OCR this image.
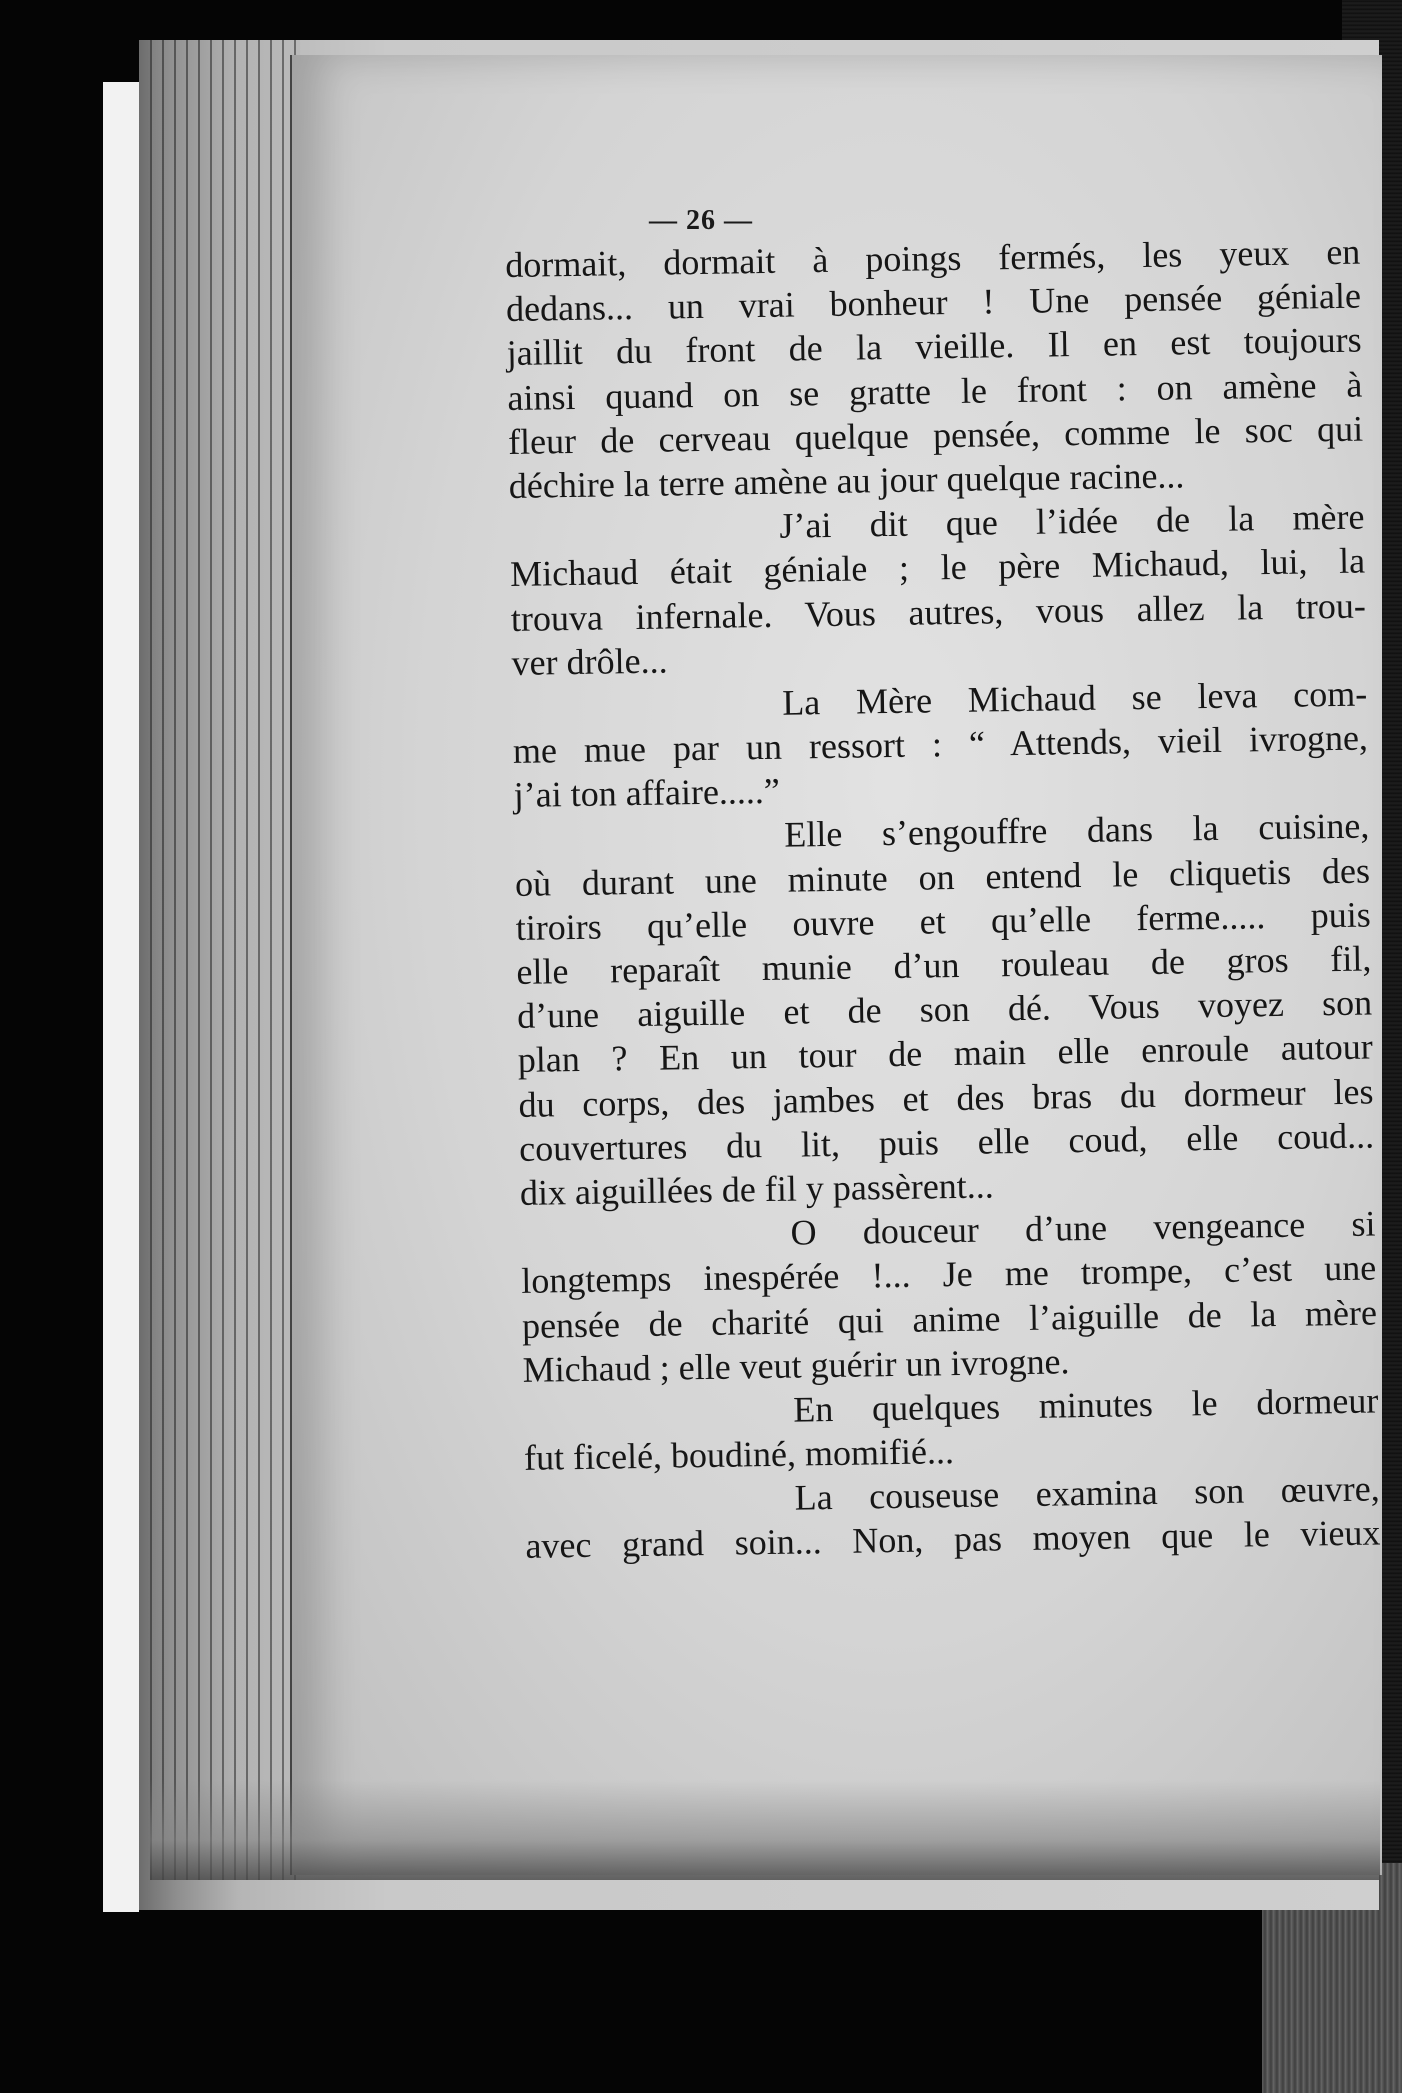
— 26 —
dormait, dormait à poings fermés, les yeux en
dedans... un vrai bonheur ! Une pensée géniale
jaillit du front de la vieille. Il en est toujours
ainsi quand on se gratte le front : on amène à
fleur de cerveau quelque pensée, comme le soc qui
déchire la terre amène au jour quelque racine...
J’ai dit que l’idée de la mère
Michaud était géniale ; le père Michaud, lui, la
trouva infernale. Vous autres, vous allez la trou-
ver drôle...
La Mère Michaud se leva com-
me mue par un ressort : “ Attends, vieil ivrogne,
j’ai ton affaire.....”
Elle s’engouffre dans la cuisine,
où durant une minute on entend le cliquetis des
tiroirs qu’elle ouvre et qu’elle ferme..... puis
elle reparaît munie d’un rouleau de gros fil,
d’une aiguille et de son dé. Vous voyez son
plan ? En un tour de main elle enroule autour
du corps, des jambes et des bras du dormeur les
couvertures du lit, puis elle coud, elle coud...
dix aiguillées de fil y passèrent...
O douceur d’une vengeance si
longtemps inespérée !... Je me trompe, c’est une
pensée de charité qui anime l’aiguille de la mère
Michaud ; elle veut guérir un ivrogne.
En quelques minutes le dormeur
fut ficelé, boudiné, momifié...
La couseuse examina son œuvre,
avec grand soin... Non, pas moyen que le vieux
